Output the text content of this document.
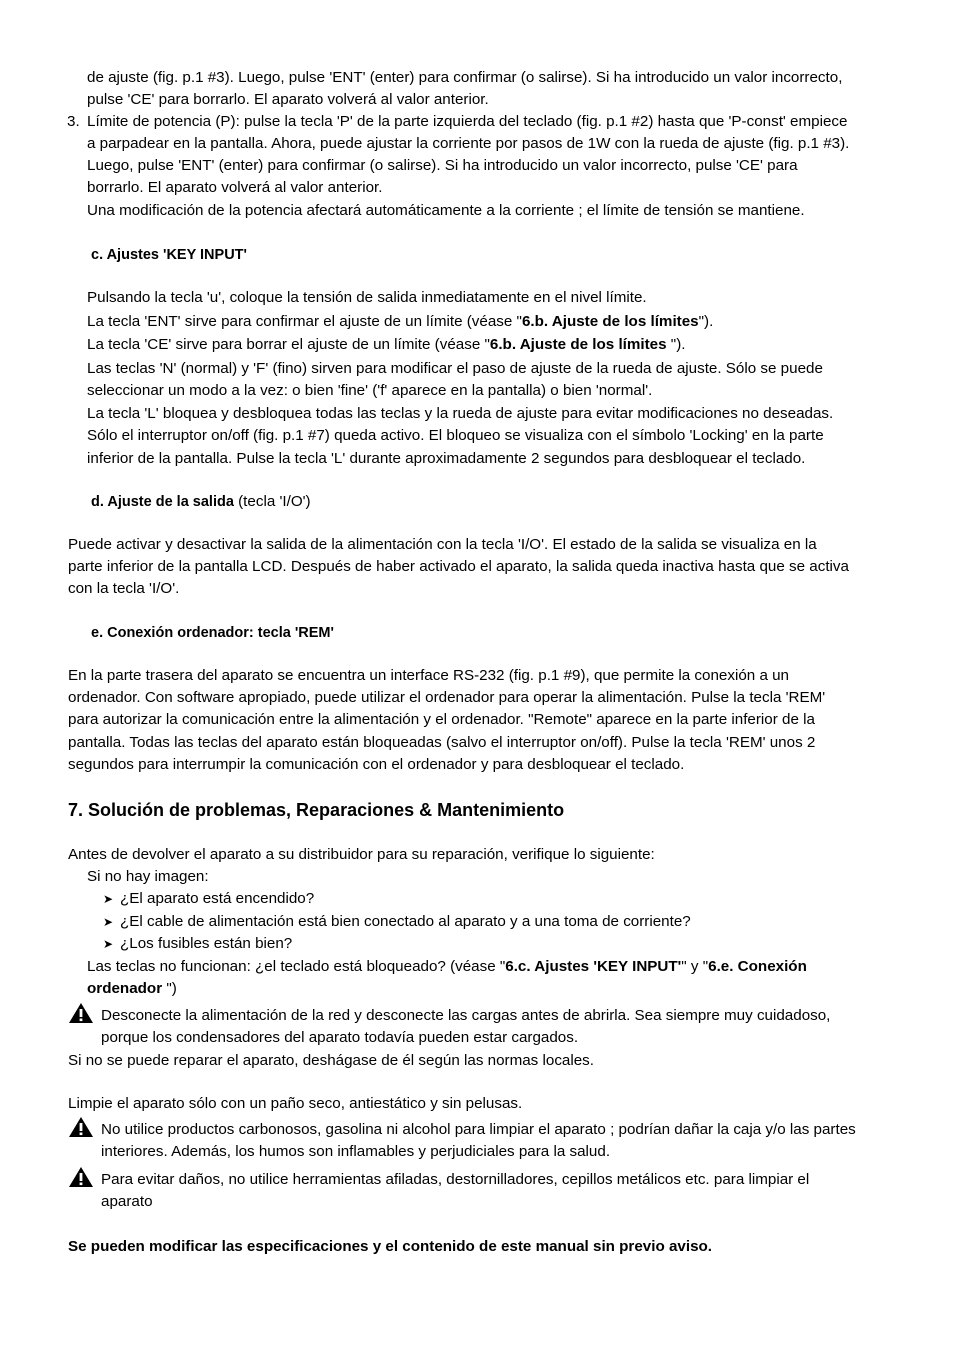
de ajuste (fig. p.1 #3). Luego, pulse 'ENT' (enter) para confirmar (o salirse). Si ha introducido un valor incorrecto,
pulse 'CE' para borrarlo. El aparato volverá al valor anterior.
3. Límite de potencia (P): pulse la tecla 'P' de la parte izquierda del teclado (fig. p.1 #2) hasta que 'P-const' empiece
a parpadear en la pantalla. Ahora, puede ajustar la corriente por pasos de 1W con la rueda de ajuste (fig. p.1 #3).
Luego, pulse 'ENT' (enter) para confirmar (o salirse). Si ha introducido un valor incorrecto, pulse 'CE' para
borrarlo. El aparato volverá al valor anterior.
Una modificación de la potencia afectará automáticamente a la corriente ; el límite de tensión se mantiene.
c. Ajustes 'KEY INPUT'
Pulsando la tecla 'u', coloque la tensión de salida inmediatamente en el nivel límite.
La tecla 'ENT' sirve para confirmar el ajuste de un límite (véase "6.b. Ajuste de los límites").
La tecla 'CE' sirve para borrar el ajuste de un límite (véase "6.b. Ajuste de los límites ").
Las teclas 'N' (normal) y 'F' (fino) sirven para modificar el paso de ajuste de la rueda de ajuste. Sólo se puede
seleccionar un modo a la vez: o bien 'fine' ('f' aparece en la pantalla) o bien 'normal'.
La tecla 'L' bloquea y desbloquea todas las teclas y la rueda de ajuste para evitar modificaciones no deseadas.
Sólo el interruptor on/off (fig. p.1 #7) queda activo. El bloqueo se visualiza con el símbolo 'Locking' en la parte
inferior de la pantalla. Pulse la tecla 'L' durante aproximadamente 2 segundos para desbloquear el teclado.
d. Ajuste de la salida (tecla 'I/O')
Puede activar y desactivar la salida de la alimentación con la tecla 'I/O'. El estado de la salida se visualiza en la
parte inferior de la pantalla LCD. Después de haber activado el aparato, la salida queda inactiva hasta que se activa
con la tecla 'I/O'.
e. Conexión ordenador: tecla 'REM'
En la parte trasera del aparato se encuentra un interface RS-232 (fig. p.1 #9), que permite la conexión a un
ordenador. Con software apropiado, puede utilizar el ordenador para operar la alimentación. Pulse la tecla 'REM'
para autorizar la comunicación entre la alimentación y el ordenador. "Remote" aparece en la parte inferior de la
pantalla. Todas las teclas del aparato están bloqueadas (salvo el interruptor on/off). Pulse la tecla 'REM' unos 2
segundos para interrumpir la comunicación con el ordenador y para desbloquear el teclado.
7. Solución de problemas, Reparaciones & Mantenimiento
Antes de devolver el aparato a su distribuidor para su reparación, verifique lo siguiente:
Si no hay imagen:
➤ ¿El aparato está encendido?
➤ ¿El cable de alimentación está bien conectado al aparato y a una toma de corriente?
➤ ¿Los fusibles están bien?
Las teclas no funcionan: ¿el teclado está bloqueado? (véase "6.c. Ajustes 'KEY INPUT'" y "6.e. Conexión
ordenador ")
Desconecte la alimentación de la red y desconecte las cargas antes de abrirla. Sea siempre muy cuidadoso,
porque los condensadores del aparato todavía pueden estar cargados.
Si no se puede reparar el aparato, deshágase de él según las normas locales.
Limpie el aparato sólo con un paño seco, antiestático y sin pelusas.
No utilice productos carbonosos, gasolina ni alcohol para limpiar el aparato ; podrían dañar la caja y/o las partes
interiores. Además, los humos son inflamables y perjudiciales para la salud.
Para evitar daños, no utilice herramientas afiladas, destornilladores, cepillos metálicos etc. para limpiar el
aparato
Se pueden modificar las especificaciones y el contenido de este manual sin previo aviso.
